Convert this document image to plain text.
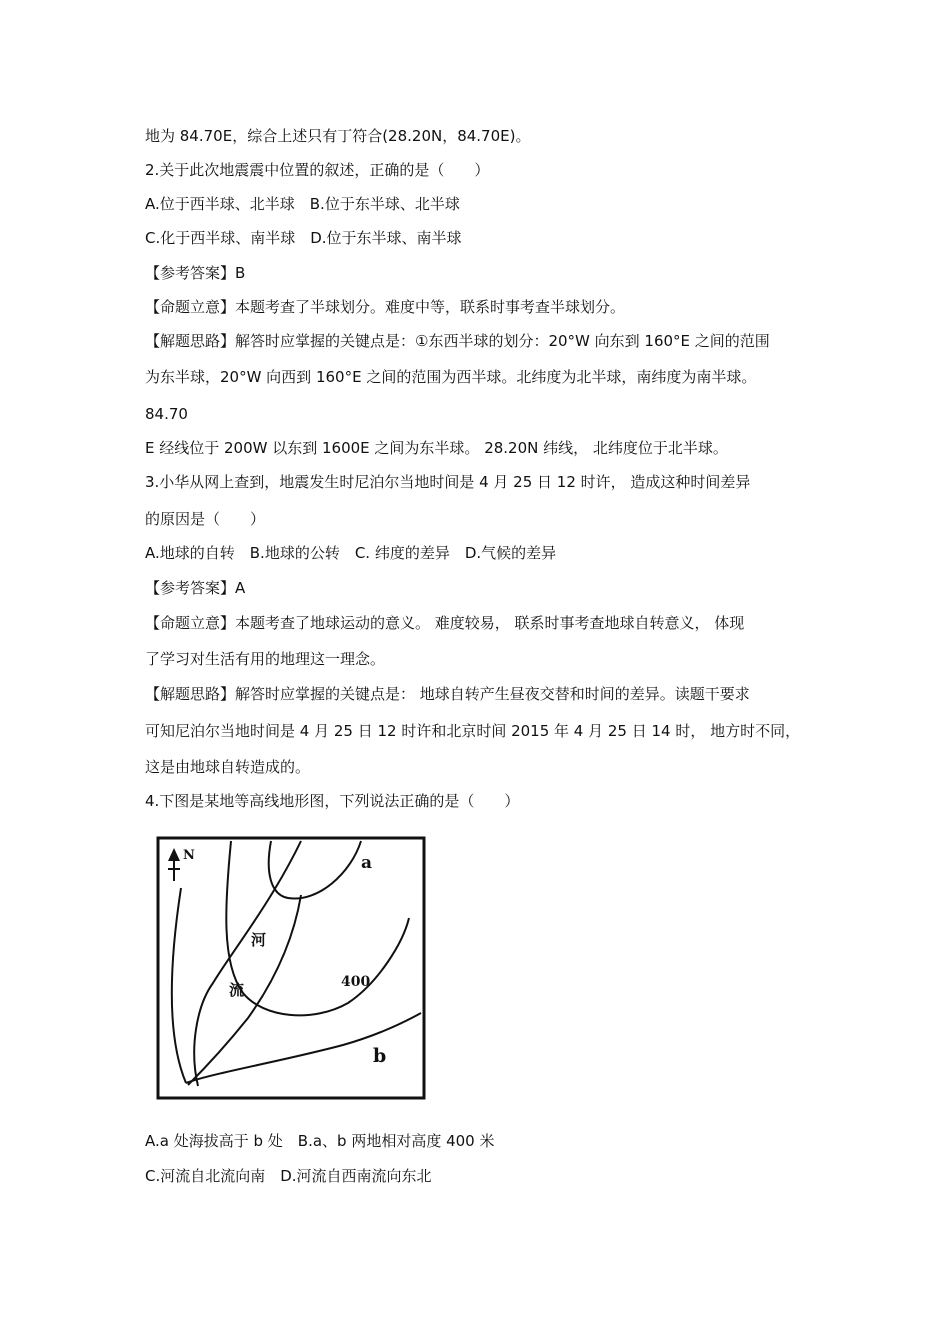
地为 84.70E，综合上述只有丁符合(28.20N，84.70E)。
2.关于此次地震震中位置的叙述，正确的是（　　）
A.位于西半球、北半球　B.位于东半球、北半球
C.化于西半球、南半球　D.位于东半球、南半球
【参考答案】B
【命题立意】本题考查了半球划分。难度中等，联系时事考查半球划分。
【解题思路】解答时应掌握的关键点是：①东西半球的划分：20°W 向东到 160°E 之间的范围
为东半球，20°W 向西到 160°E 之间的范围为西半球。北纬度为北半球，南纬度为南半球。
84.70
E 经线位于 200W 以东到 1600E 之间为东半球。 28.20N 纬线， 北纬度位于北半球。
3.小华从网上查到，地震发生时尼泊尔当地时间是 4 月 25 日 12 时许， 造成这种时间差异
的原因是（　　）
A.地球的自转　B.地球的公转　C. 纬度的差异　D.气候的差异
【参考答案】A
【命题立意】本题考查了地球运动的意义。 难度较易， 联系时事考查地球自转意义， 体现
了学习对生活有用的地理这一理念。
【解题思路】解答时应掌握的关键点是： 地球自转产生昼夜交替和时间的差异。读题干要求
可知尼泊尔当地时间是 4 月 25 日 12 时许和北京时间 2015 年 4 月 25 日 14 时， 地方时不同，
这是由地球自转造成的。
4.下图是某地等高线地形图，下列说法正确的是（　　）
N	a
400
b
河
流
A.a 处海拔高于 b 处　B.a、b 两地相对高度 400 米
C.河流自北流向南　D.河流自西南流向东北
